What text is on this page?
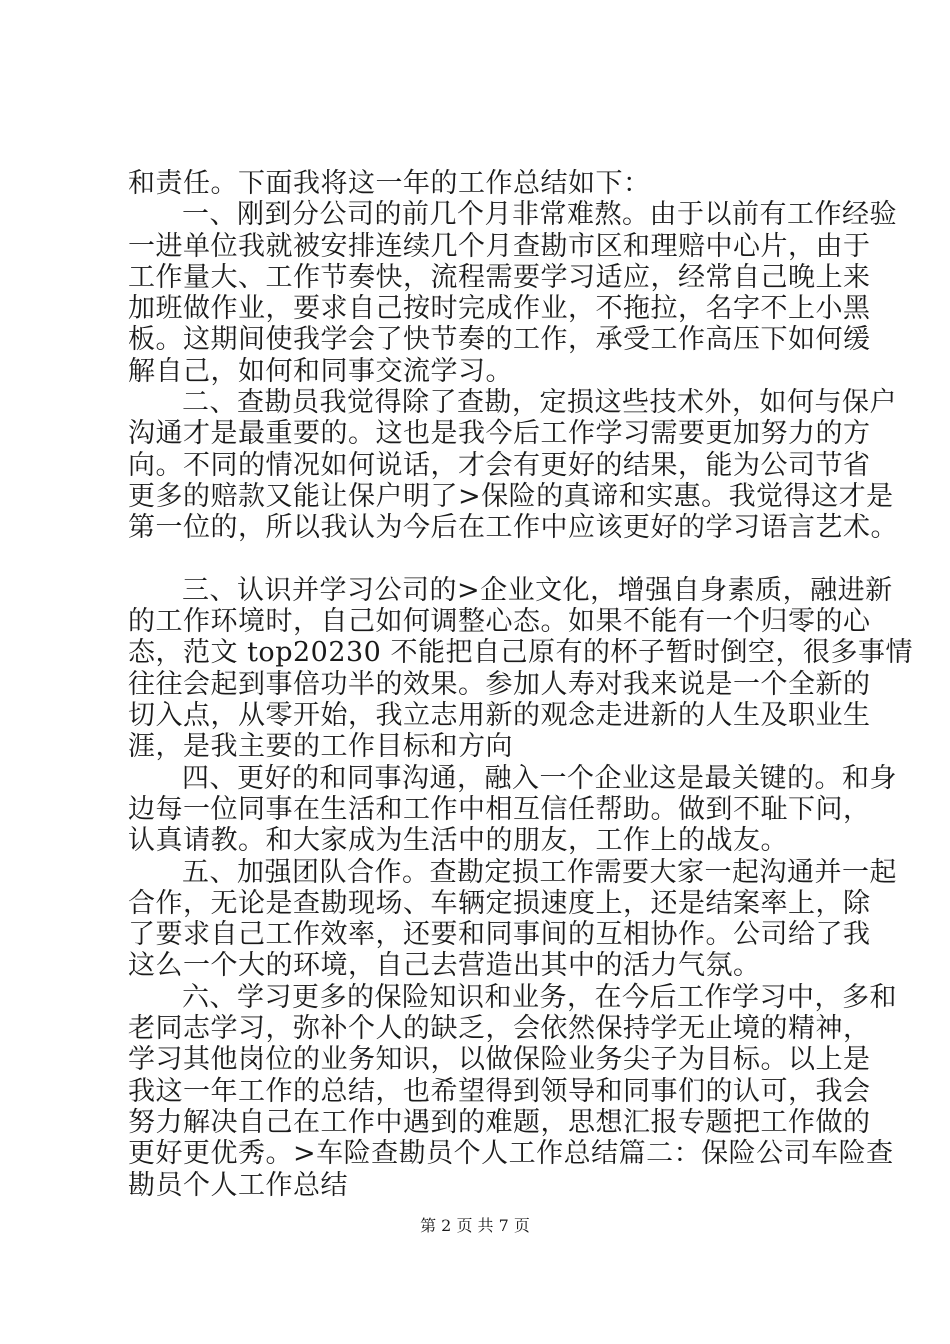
和责任。下面我将这一年的工作总结如下：
一、刚到分公司的前几个月非常难熬。由于以前有工作经验
一进单位我就被安排连续几个月查勘市区和理赔中心片，由于
工作量大、工作节奏快，流程需要学习适应，经常自己晚上来
加班做作业，要求自己按时完成作业，不拖拉，名字不上小黑
板。这期间使我学会了快节奏的工作，承受工作高压下如何缓
解自己，如何和同事交流学习。
二、查勘员我觉得除了查勘，定损这些技术外，如何与保户
沟通才是最重要的。这也是我今后工作学习需要更加努力的方
向。不同的情况如何说话，才会有更好的结果，能为公司节省
更多的赔款又能让保户明了>保险的真谛和实惠。我觉得这才是
第一位的，所以我认为今后在工作中应该更好的学习语言艺术。
三、认识并学习公司的>企业文化，增强自身素质，融进新
的工作环境时，自己如何调整心态。如果不能有一个归零的心
态，范文 top20230 不能把自己原有的杯子暂时倒空，很多事情
往往会起到事倍功半的效果。参加人寿对我来说是一个全新的
切入点，从零开始，我立志用新的观念走进新的人生及职业生
涯，是我主要的工作目标和方向
四、更好的和同事沟通，融入一个企业这是最关键的。和身
边每一位同事在生活和工作中相互信任帮助。做到不耻下问，
认真请教。和大家成为生活中的朋友，工作上的战友。
五、加强团队合作。查勘定损工作需要大家一起沟通并一起
合作，无论是查勘现场、车辆定损速度上，还是结案率上，除
了要求自己工作效率，还要和同事间的互相协作。公司给了我
这么一个大的环境，自己去营造出其中的活力气氛。
六、学习更多的保险知识和业务，在今后工作学习中，多和
老同志学习，弥补个人的缺乏，会依然保持学无止境的精神，
学习其他岗位的业务知识，以做保险业务尖子为目标。以上是
我这一年工作的总结，也希望得到领导和同事们的认可，我会
努力解决自己在工作中遇到的难题，思想汇报专题把工作做的
更好更优秀。>车险查勘员个人工作总结篇二：保险公司车险查
勘员个人工作总结
第 2 页 共 7 页
